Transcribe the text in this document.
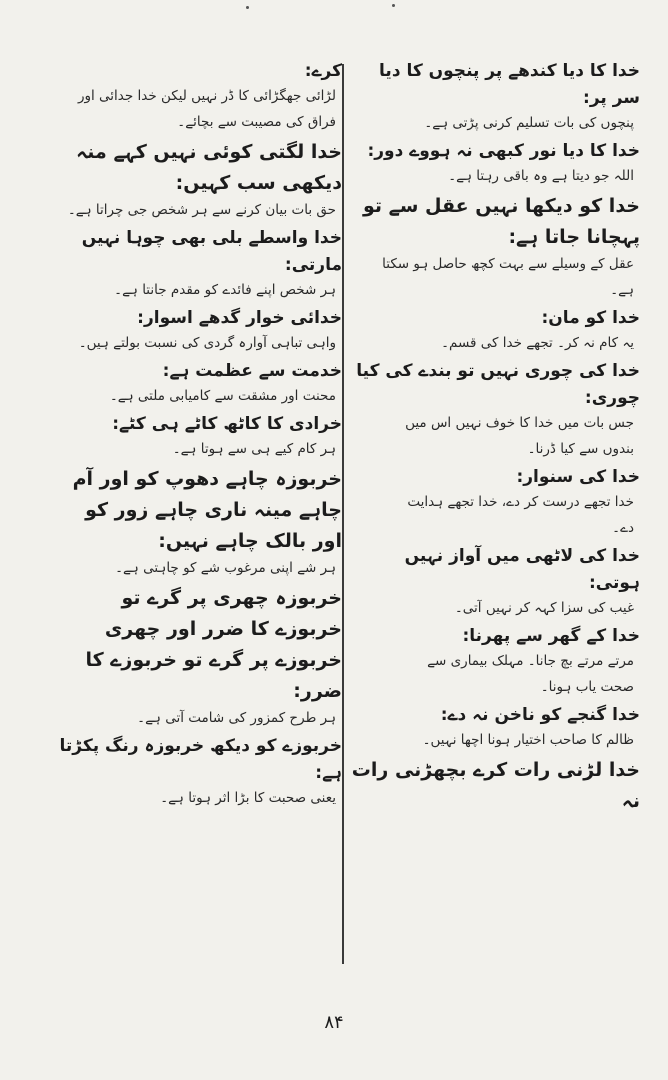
خدا کا دیا کندھے پر پنچوں کا دیا سر پر:

پنچوں کی بات تسلیم کرنی پڑتی ہے۔

خدا کا دیا نور کبھی نہ ہووے دور:

اللہ جو دیتا ہے وہ باقی رہتا ہے۔

خدا کو دیکھا نہیں عقل سے تو پہچانا جاتا ہے:

عقل کے وسیلے سے بہت کچھ حاصل ہو سکتا

ہے۔

خدا کو مان:

یہ کام نہ کر۔ تجھے خدا کی قسم۔

خدا کی چوری نہیں تو بندے کی کیا چوری:

جس بات میں خدا کا خوف نہیں اس میں

بندوں سے کیا ڈرنا۔

خدا کی سنوار:

خدا تجھے درست کر دے، خدا تجھے ہدایت

دے۔

خدا کی لاٹھی میں آواز نہیں ہوتی:

غیب کی سزا کہہ کر نہیں آتی۔

خدا کے گھر سے پھرنا:

مرتے مرتے بچ جانا۔ مہلک بیماری سے

صحت یاب ہونا۔

خدا گنجے کو ناخن نہ دے:

ظالم کا صاحب اختیار ہونا اچھا نہیں۔

خدا لڑنی رات کرے بچھڑنی رات نہ

کرے:

لڑائی جھگڑائی کا ڈر نہیں لیکن خدا جدائی اور

فراق کی مصیبت سے بچائے۔

خدا لگتی کوئی نہیں کہے منہ دیکھی سب کہیں:

حق بات بیان کرنے سے ہر شخص جی چراتا ہے۔

خدا واسطے بلی بھی چوہا نہیں مارتی:

ہر شخص اپنے فائدے کو مقدم جانتا ہے۔

خدائی خوار گدھے اسوار:

واہی تباہی آوارہ گردی کی نسبت بولتے ہیں۔

خدمت سے عظمت ہے:

محنت اور مشقت سے کامیابی ملتی ہے۔

خرادی کا کاٹھ کاٹے ہی کٹے:

ہر کام کیے ہی سے ہوتا ہے۔

خربوزہ چاہے دھوپ کو اور آم چاہے مینہ ناری چاہے زور کو اور بالک چاہے نہیں:

ہر شے اپنی مرغوب شے کو چاہتی ہے۔

خربوزہ چھری پر گرے تو خربوزے کا ضرر اور چھری خربوزے پر گرے تو خربوزے کا ضرر:

ہر طرح کمزور کی شامت آتی ہے۔

خربوزے کو دیکھ خربوزہ رنگ پکڑتا ہے:

یعنی صحبت کا بڑا اثر ہوتا ہے۔

۸۴
